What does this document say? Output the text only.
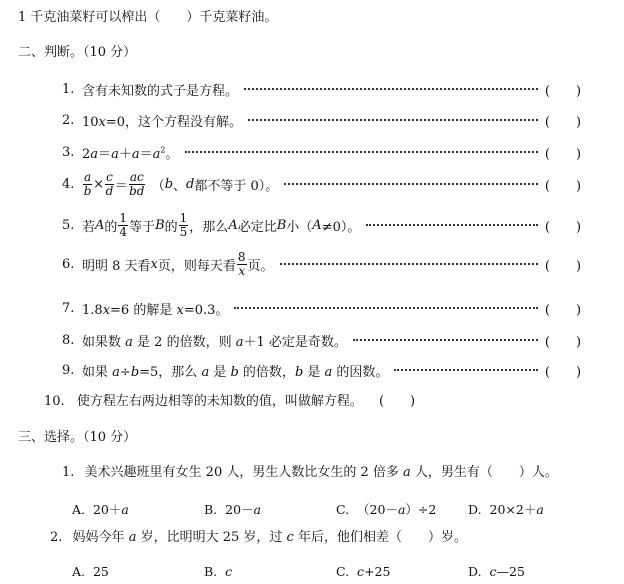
1 千克油菜籽可以榨出（　　）千克菜籽油。
二、判断。（10 分）
1. 含有未知数的式子是方程。	(　　)
2. 10x=0，这个方程没有解。	(　　)
3. $2a=a+a=a^2$。	(　　)
4. $\frac{a}{b} \times \frac{c}{d} = \frac{ac}{bd}$ （ b 、 d 都不等于 0）。	(　　)
5. 若 A 的 $\frac{1}{4}$ 等于 B 的 $\frac{1}{5}$ ，那么 A 必定比 B 小（ A ≠0）。	(　　)
6. 明明 8 天看 x 页，则每天看 $\frac{8}{x}$ 页。	(　　)
7. 1.8x=6 的解是 x=0.3。	(　　)
8. 如果数 a 是 2 的倍数，则 a＋1 必定是奇数。	(　　)
9. 如果 a÷b=5，那么 a 是 b 的倍数，b 是 a 的因数。	(　　)
10. 使方程左右两边相等的未知数的值，叫做解方程。 (　　)
三、选择。（10 分）
1. 美术兴趣班里有女生 20 人，男生人数比女生的 2 倍多 a 人，男生有（　　）人。
A. 20＋a	B. 20－a	C. （20－a）÷2	D. 20×2＋a
2. 妈妈今年 a 岁，比明明大 25 岁，过 c 年后，他们相差（　　）岁。
A. 25	B. c	C. c+25	D. c—25
